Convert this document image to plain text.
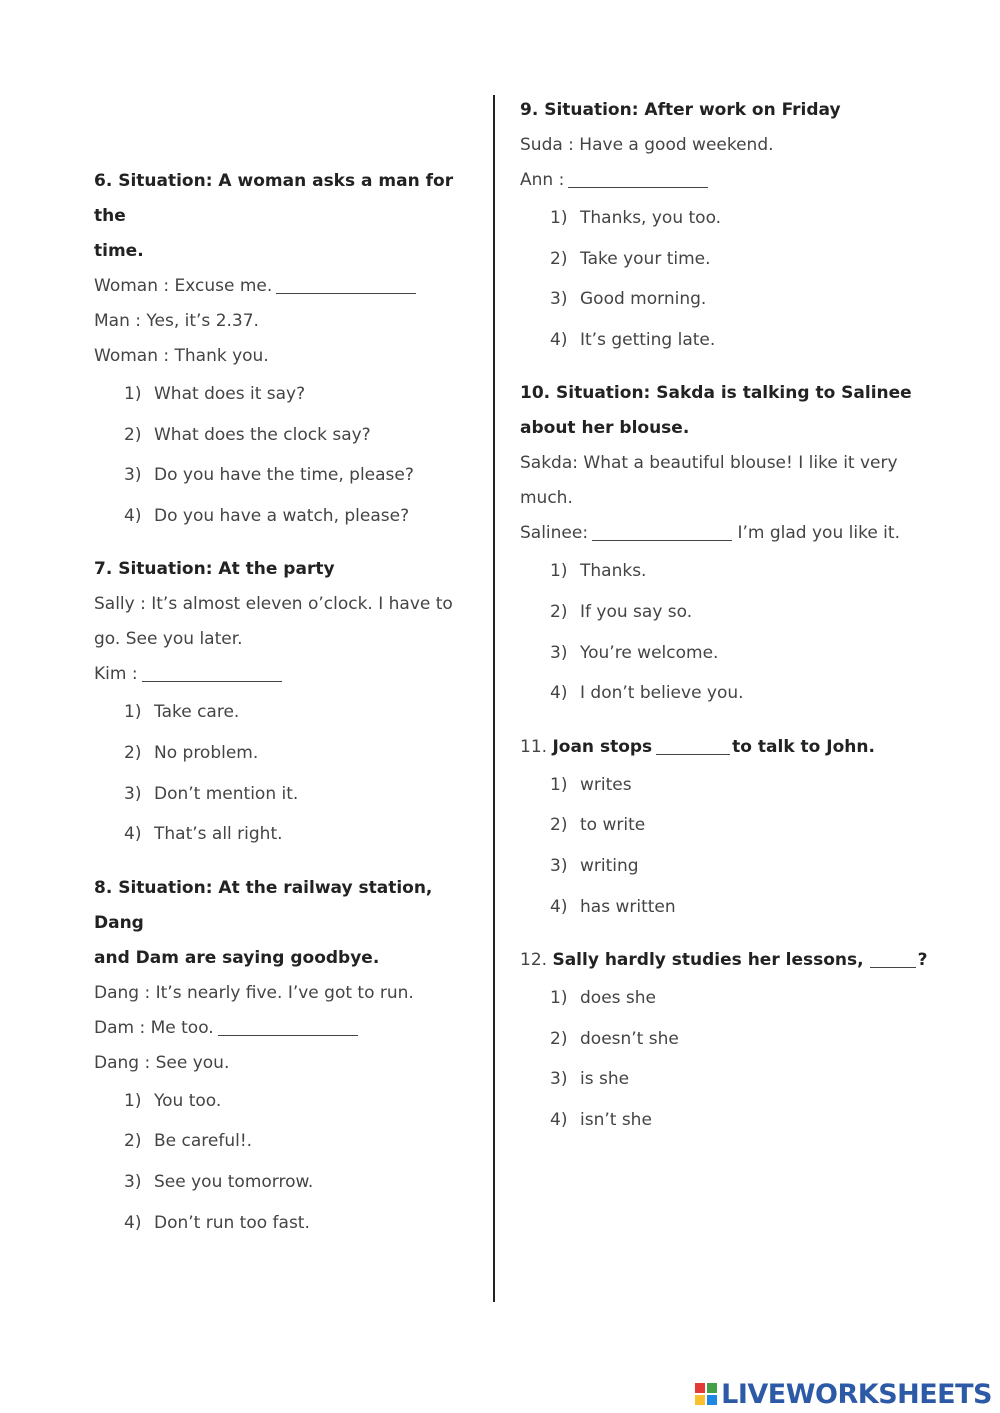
6. Situation: A woman asks a man for the
time.
Woman : Excuse me.
Man : Yes, it’s 2.37.
Woman : Thank you.
1) What does it say?
2) What does the clock say?
3) Do you have the time, please?
4) Do you have a watch, please?
7. Situation: At the party
Sally : It’s almost eleven o’clock. I have to
go. See you later.
Kim :
1) Take care.
2) No problem.
3) Don’t mention it.
4) That’s all right.
8. Situation: At the railway station, Dang
and Dam are saying goodbye.
Dang : It’s nearly five. I’ve got to run.
Dam : Me too.
Dang : See you.
1) You too.
2) Be careful!.
3) See you tomorrow.
4) Don’t run too fast.
9. Situation: After work on Friday
Suda : Have a good weekend.
Ann :
1) Thanks, you too.
2) Take your time.
3) Good morning.
4) It’s getting late.
10. Situation: Sakda is talking to Salinee
about her blouse.
Sakda: What a beautiful blouse! I like it very
much.
Salinee:	I’m glad you like it.
1) Thanks.
2) If you say so.
3) You’re welcome.
4) I don’t believe you.
11. Joan stops	to talk to John.
1) writes
2) to write
3) writing
4) has written
12. Sally hardly studies her lessons,	?
1) does she
2) doesn’t she
3) is she
4) isn’t she
LIVEWORKSHEETS
